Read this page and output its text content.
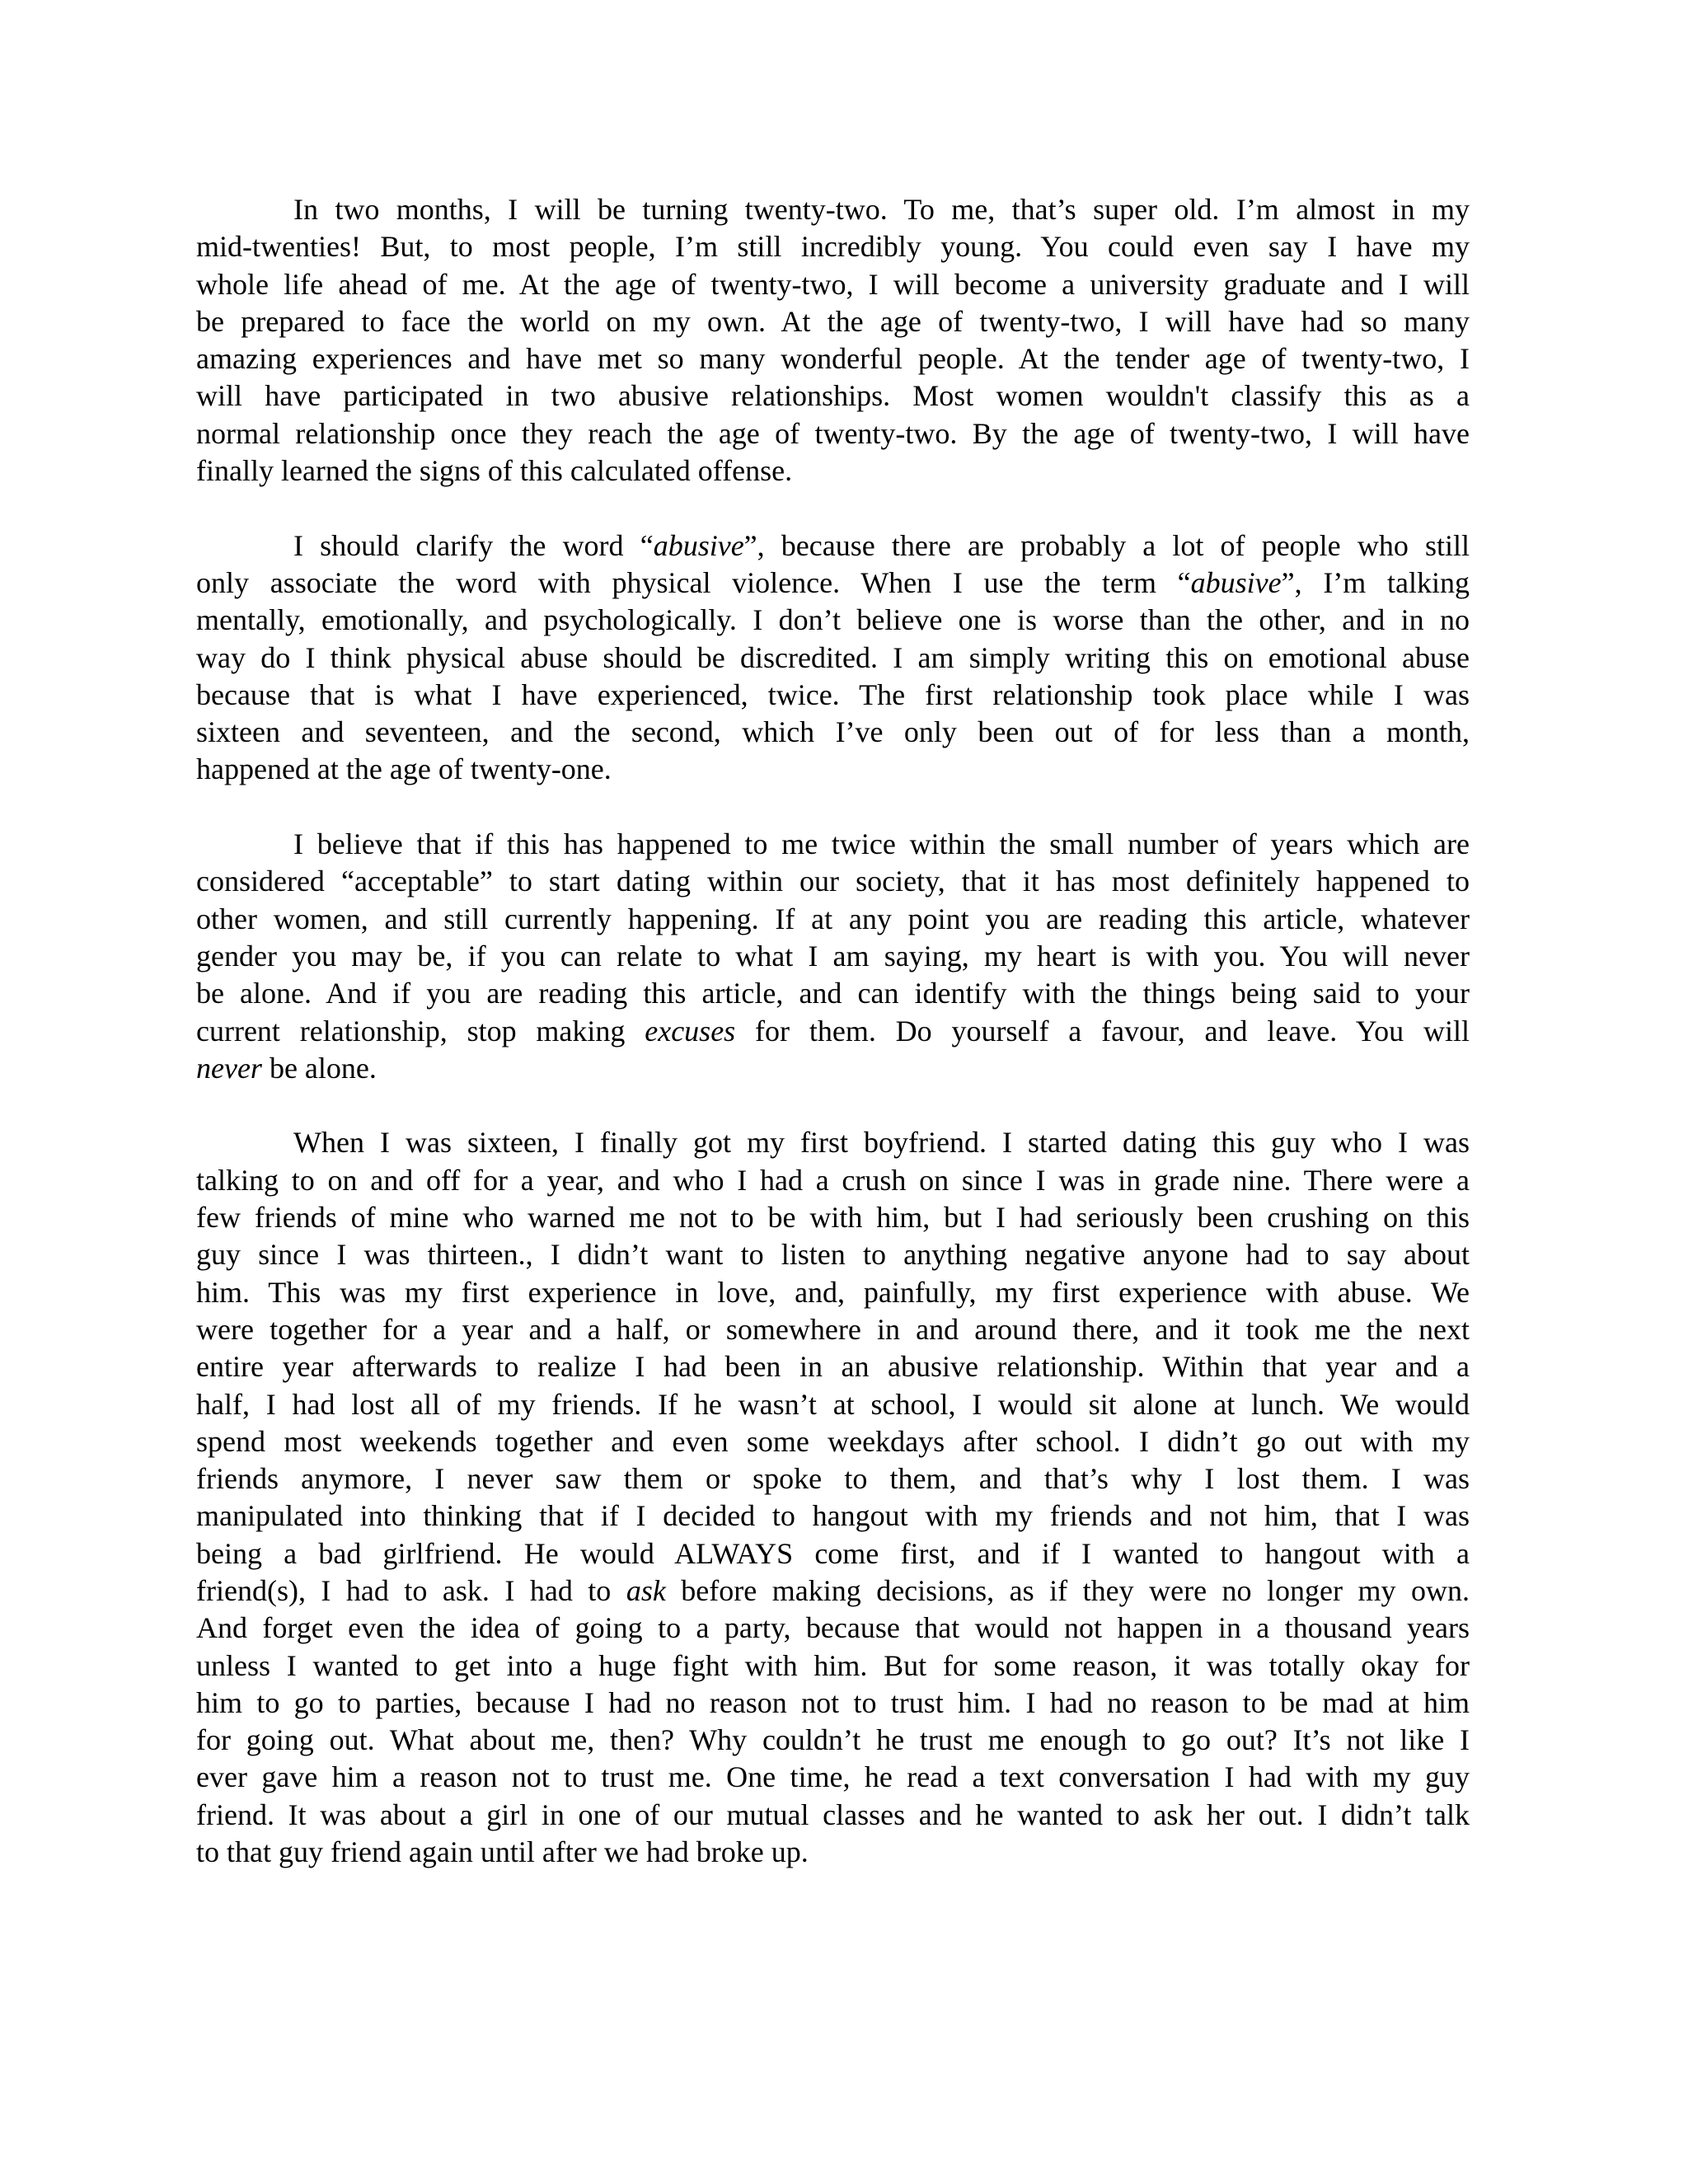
In two months, I will be turning twenty-two. To me, that’s super old. I’m almost in my
mid-twenties! But, to most people, I’m still incredibly young. You could even say I have my
whole life ahead of me. At the age of twenty-two, I will become a university graduate and I will
be prepared to face the world on my own. At the age of twenty-two, I will have had so many
amazing experiences and have met so many wonderful people. At the tender age of twenty-two, I
will have participated in two abusive relationships. Most women wouldn't classify this as a
normal relationship once they reach the age of twenty-two. By the age of twenty-two, I will have
finally learned the signs of this calculated offense.
I should clarify the word “abusive”, because there are probably a lot of people who still
only associate the word with physical violence. When I use the term “abusive”, I’m talking
mentally, emotionally, and psychologically. I don’t believe one is worse than the other, and in no
way do I think physical abuse should be discredited. I am simply writing this on emotional abuse
because that is what I have experienced, twice. The first relationship took place while I was
sixteen and seventeen, and the second, which I’ve only been out of for less than a month,
happened at the age of twenty-one.
I believe that if this has happened to me twice within the small number of years which are
considered “acceptable” to start dating within our society, that it has most definitely happened to
other women, and still currently happening. If at any point you are reading this article, whatever
gender you may be, if you can relate to what I am saying, my heart is with you. You will never
be alone. And if you are reading this article, and can identify with the things being said to your
current relationship, stop making excuses for them. Do yourself a favour, and leave. You will
never be alone.
When I was sixteen, I finally got my first boyfriend. I started dating this guy who I was
talking to on and off for a year, and who I had a crush on since I was in grade nine. There were a
few friends of mine who warned me not to be with him, but I had seriously been crushing on this
guy since I was thirteen., I didn’t want to listen to anything negative anyone had to say about
him. This was my first experience in love, and, painfully, my first experience with abuse. We
were together for a year and a half, or somewhere in and around there, and it took me the next
entire year afterwards to realize I had been in an abusive relationship. Within that year and a
half, I had lost all of my friends. If he wasn’t at school, I would sit alone at lunch. We would
spend most weekends together and even some weekdays after school. I didn’t go out with my
friends anymore, I never saw them or spoke to them, and that’s why I lost them. I was
manipulated into thinking that if I decided to hangout with my friends and not him, that I was
being a bad girlfriend. He would ALWAYS come first, and if I wanted to hangout with a
friend(s), I had to ask. I had to ask before making decisions, as if they were no longer my own.
And forget even the idea of going to a party, because that would not happen in a thousand years
unless I wanted to get into a huge fight with him. But for some reason, it was totally okay for
him to go to parties, because I had no reason not to trust him. I had no reason to be mad at him
for going out. What about me, then? Why couldn’t he trust me enough to go out? It’s not like I
ever gave him a reason not to trust me. One time, he read a text conversation I had with my guy
friend. It was about a girl in one of our mutual classes and he wanted to ask her out. I didn’t talk
to that guy friend again until after we had broke up.
